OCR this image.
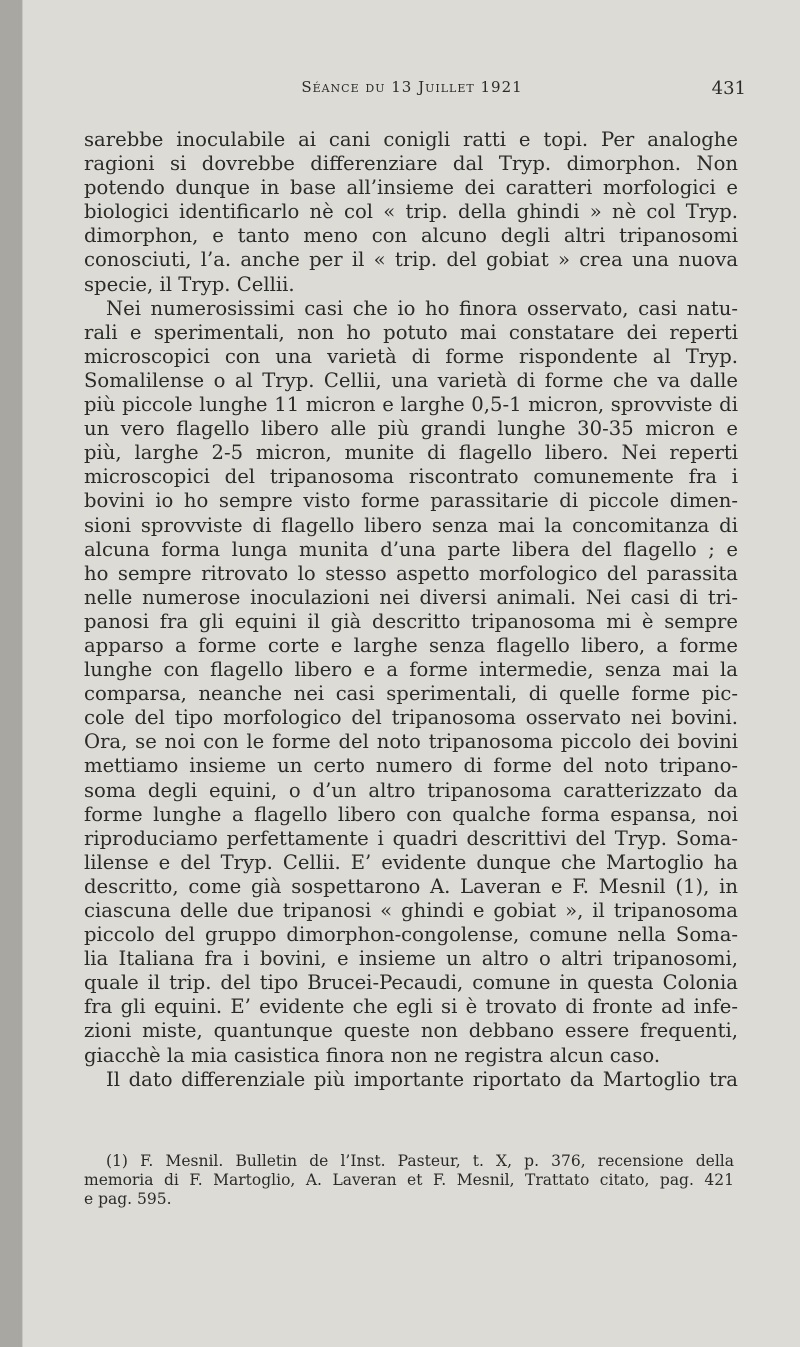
Séance du 13 Juillet 1921	431
sarebbe inoculabile ai cani conigli ratti e topi. Per analoghe
ragioni si dovrebbe differenziare dal Tryp. dimorphon. Non
potendo dunque in base all’insieme dei caratteri morfologici e
biologici identificarlo nè col « trip. della ghindi » nè col Tryp.
dimorphon, e tanto meno con alcuno degli altri tripanosomi
conosciuti, l’a. anche per il « trip. del gobiat » crea una nuova
specie, il Tryp. Cellii.
Nei numerosissimi casi che io ho finora osservato, casi natu-
rali e sperimentali, non ho potuto mai constatare dei reperti
microscopici con una varietà di forme rispondente al Tryp.
Somalilense o al Tryp. Cellii, una varietà di forme che va dalle
più piccole lunghe 11 micron e larghe 0,5-1 micron, sprovviste di
un vero flagello libero alle più grandi lunghe 30-35 micron e
più, larghe 2-5 micron, munite di flagello libero. Nei reperti
microscopici del tripanosoma riscontrato comunemente fra i
bovini io ho sempre visto forme parassitarie di piccole dimen-
sioni sprovviste di flagello libero senza mai la concomitanza di
alcuna forma lunga munita d’una parte libera del flagello ; e
ho sempre ritrovato lo stesso aspetto morfologico del parassita
nelle numerose inoculazioni nei diversi animali. Nei casi di tri-
panosi fra gli equini il già descritto tripanosoma mi è sempre
apparso a forme corte e larghe senza flagello libero, a forme
lunghe con flagello libero e a forme intermedie, senza mai la
comparsa, neanche nei casi sperimentali, di quelle forme pic-
cole del tipo morfologico del tripanosoma osservato nei bovini.
Ora, se noi con le forme del noto tripanosoma piccolo dei bovini
mettiamo insieme un certo numero di forme del noto tripano-
soma degli equini, o d’un altro tripanosoma caratterizzato da
forme lunghe a flagello libero con qualche forma espansa, noi
riproduciamo perfettamente i quadri descrittivi del Tryp. Soma-
lilense e del Tryp. Cellii. E’ evidente dunque che Martoglio ha
descritto, come già sospettarono A. Laveran e F. Mesnil (1), in
ciascuna delle due tripanosi « ghindi e gobiat », il tripanosoma
piccolo del gruppo dimorphon-congolense, comune nella Soma-
lia Italiana fra i bovini, e insieme un altro o altri tripanosomi,
quale il trip. del tipo Brucei-Pecaudi, comune in questa Colonia
fra gli equini. E’ evidente che egli si è trovato di fronte ad infe-
zioni miste, quantunque queste non debbano essere frequenti,
giacchè la mia casistica finora non ne registra alcun caso.
Il dato differenziale più importante riportato da Martoglio tra
(1) F. Mesnil. Bulletin de l’Inst. Pasteur, t. X, p. 376, recensione della
memoria di F. Martoglio, A. Laveran et F. Mesnil, Trattato citato, pag. 421
e pag. 595.
